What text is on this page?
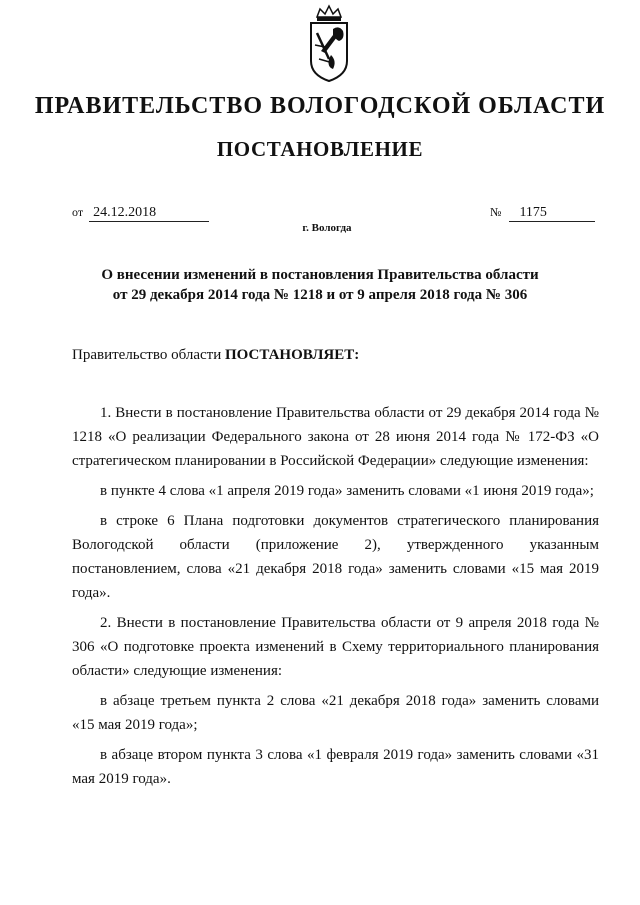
ПРАВИТЕЛЬСТВО ВОЛОГОДСКОЙ ОБЛАСТИ
ПОСТАНОВЛЕНИЕ
от 24.12.2018	№ 1175
г. Вологда
О внесении изменений в постановления Правительства области
от 29 декабря 2014 года № 1218 и от 9 апреля 2018 года № 306
Правительство области ПОСТАНОВЛЯЕТ:

1. Внести в постановление Правительства области от 29 декабря 2014 года № 1218 «О реализации Федерального закона от 28 июня 2014 года № 172-ФЗ «О стратегическом планировании в Российской Федерации» следующие изменения:

в пункте 4 слова «1 апреля 2019 года» заменить словами «1 июня 2019 года»;

в строке 6 Плана подготовки документов стратегического планирования Вологодской области (приложение 2), утвержденного указанным постановлением, слова «21 декабря 2018 года» заменить словами «15 мая 2019 года».

2. Внести в постановление Правительства области от 9 апреля 2018 года № 306 «О подготовке проекта изменений в Схему территориального планирования области» следующие изменения:

в абзаце третьем пункта 2 слова «21 декабря 2018 года» заменить словами «15 мая 2019 года»;

в абзаце втором пункта 3 слова «1 февраля 2019 года» заменить словами «31 мая 2019 года».
